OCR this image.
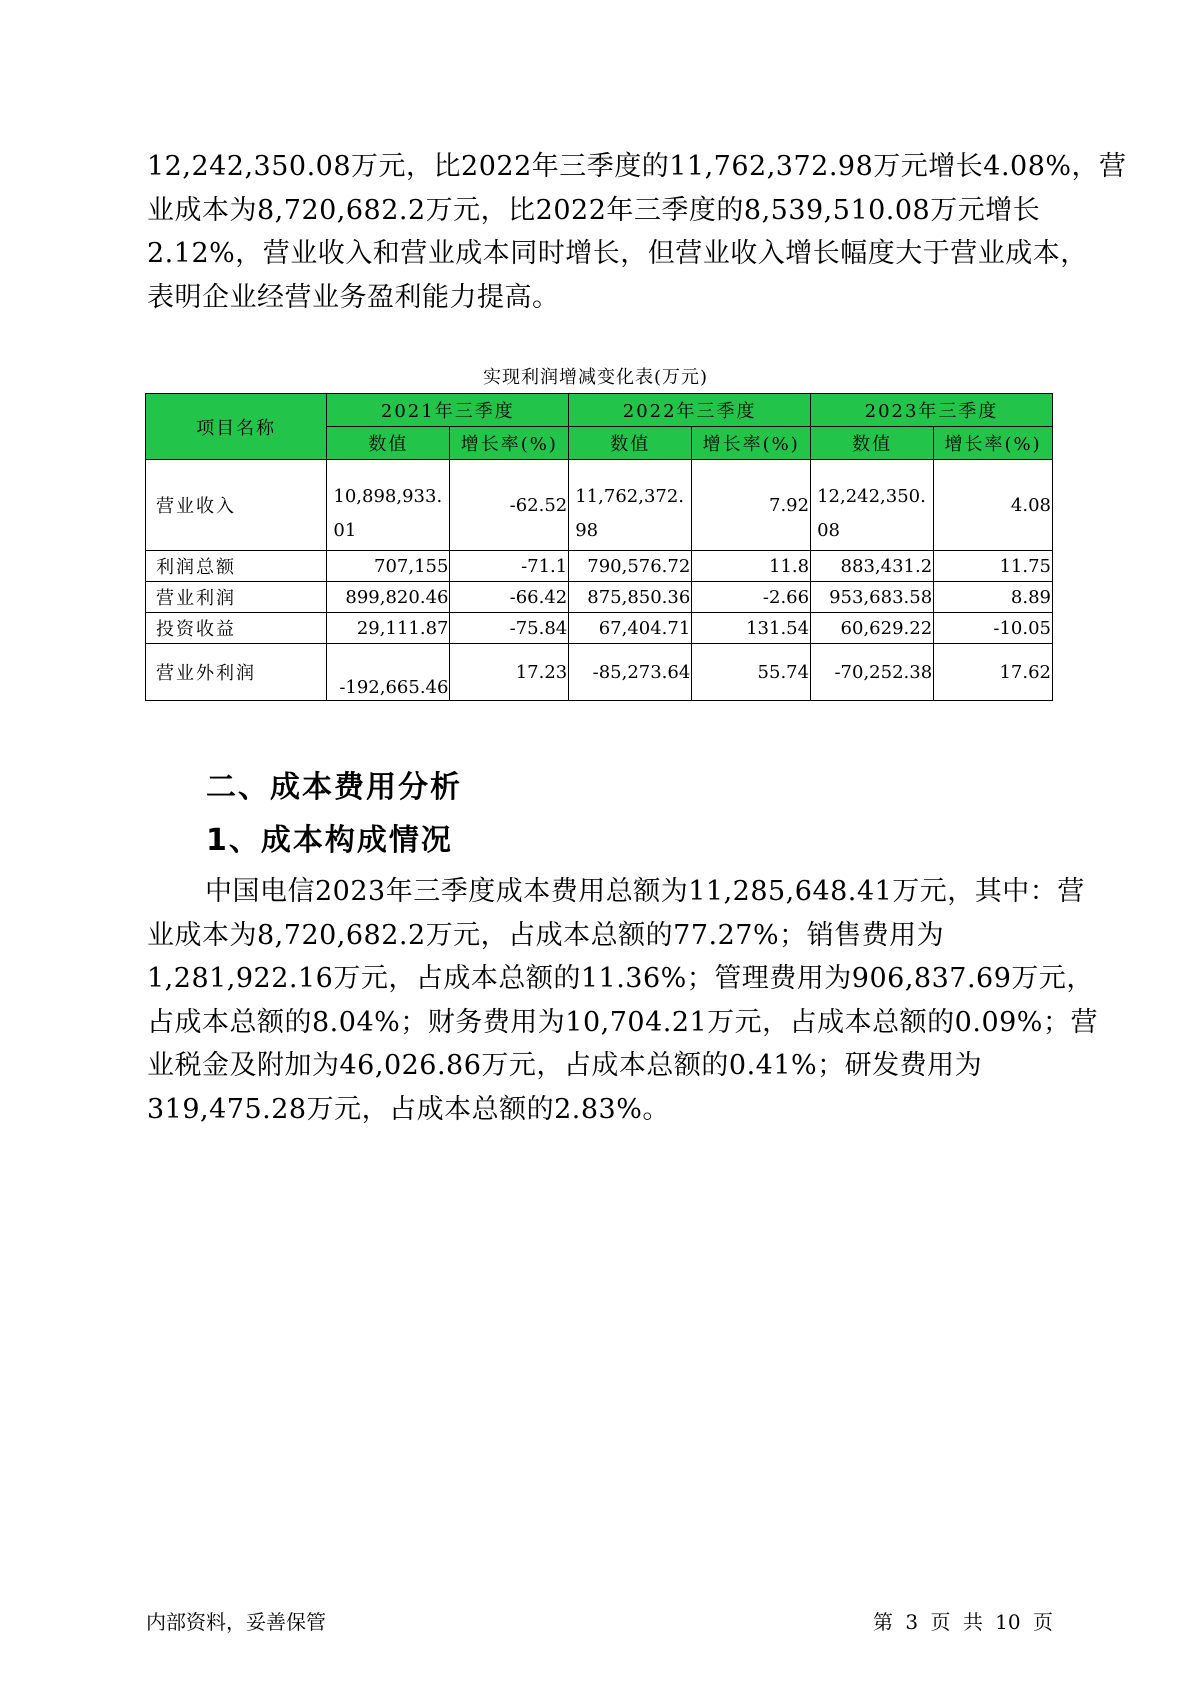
12,242,350.08万元，比2022年三季度的11,762,372.98万元增长4.08%，营
业成本为8,720,682.2万元，比2022年三季度的8,539,510.08万元增长
2.12%，营业收入和营业成本同时增长，但营业收入增长幅度大于营业成本，
表明企业经营业务盈利能力提高。

实现利润增减变化表(万元)
项目名称	2021年三季度		2022年三季度		2023年三季度	
	数值	增长率(%)	数值	增长率(%)	数值	增长率(%)
营业收入	10,898,933.01	-62.52	11,762,372.98	7.92	12,242,350.08	4.08
利润总额	707,155	-71.1	790,576.72	11.8	883,431.2	11.75
营业利润	899,820.46	-66.42	875,850.36	-2.66	953,683.58	8.89
投资收益	29,111.87	-75.84	67,404.71	131.54	60,629.22	-10.05
营业外利润	-192,665.46	17.23	-85,273.64	55.74	-70,252.38	17.62
二、成本费用分析
1、成本构成情况

中国电信2023年三季度成本费用总额为11,285,648.41万元，其中：营
业成本为8,720,682.2万元，占成本总额的77.27%；销售费用为
1,281,922.16万元，占成本总额的11.36%；管理费用为906,837.69万元，
占成本总额的8.04%；财务费用为10,704.21万元，占成本总额的0.09%；营
业税金及附加为46,026.86万元，占成本总额的0.41%；研发费用为
319,475.28万元，占成本总额的2.83%。

内部资料，妥善保管	第 3 页 共 10 页
